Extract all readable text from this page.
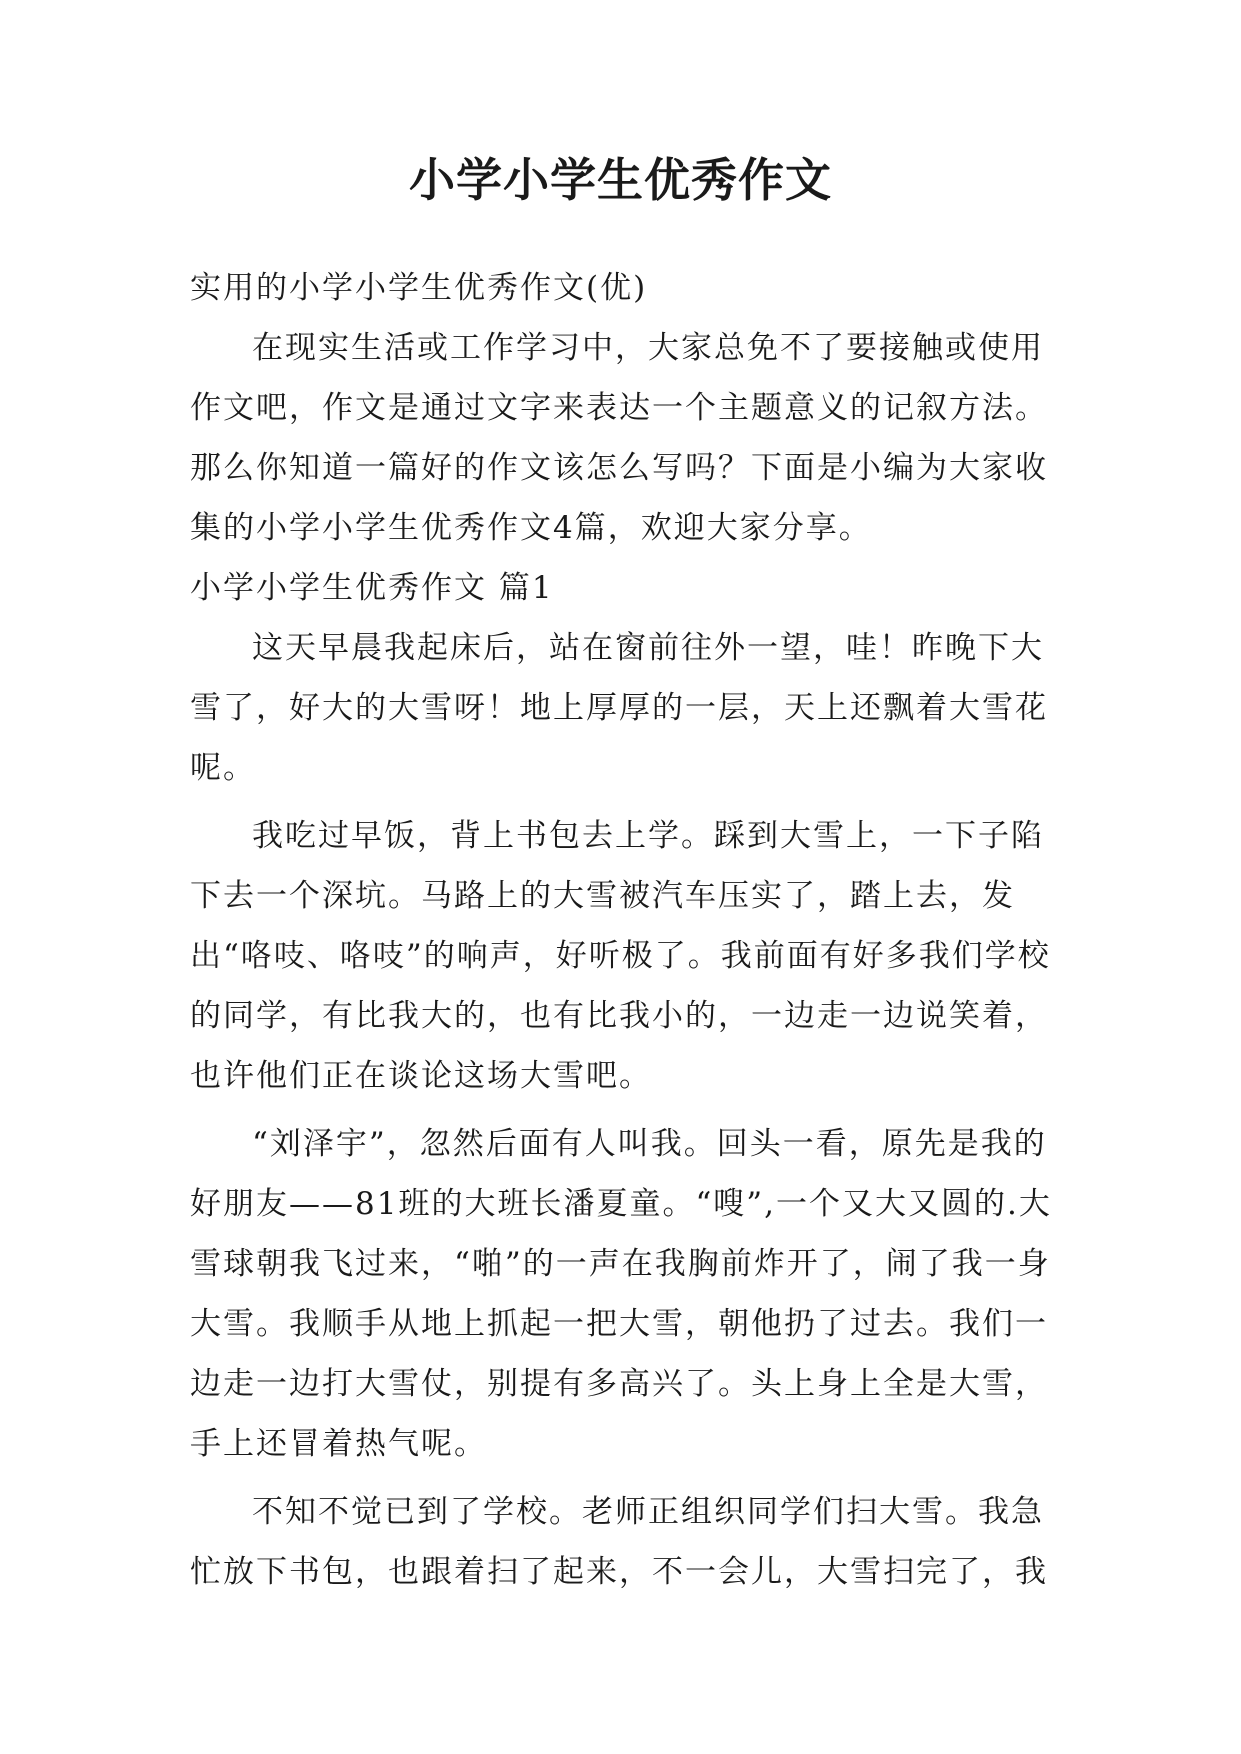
小学小学生优秀作文

实用的小学小学生优秀作文(优)

在现实生活或工作学习中，大家总免不了要接触或使用作文吧，作文是通过文字来表达一个主题意义的记叙方法。那么你知道一篇好的作文该怎么写吗？下面是小编为大家收集的小学小学生优秀作文4篇，欢迎大家分享。

小学小学生优秀作文 篇1

这天早晨我起床后，站在窗前往外一望，哇！昨晚下大雪了，好大的大雪呀！地上厚厚的一层，天上还飘着大雪花呢。

我吃过早饭，背上书包去上学。踩到大雪上，一下子陷下去一个深坑。马路上的大雪被汽车压实了，踏上去，发出“咯吱、咯吱”的响声，好听极了。我前面有好多我们学校的同学，有比我大的，也有比我小的，一边走一边说笑着，也许他们正在谈论这场大雪吧。

“刘泽宇”，忽然后面有人叫我。回头一看，原先是我的好朋友——81班的大班长潘夏童。“嗖”,一个又大又圆的.大雪球朝我飞过来，“啪”的一声在我胸前炸开了，闹了我一身大雪。我顺手从地上抓起一把大雪，朝他扔了过去。我们一边走一边打大雪仗，别提有多高兴了。头上身上全是大雪，手上还冒着热气呢。

不知不觉已到了学校。老师正组织同学们扫大雪。我急忙放下书包，也跟着扫了起来，不一会儿，大雪扫完了，我
